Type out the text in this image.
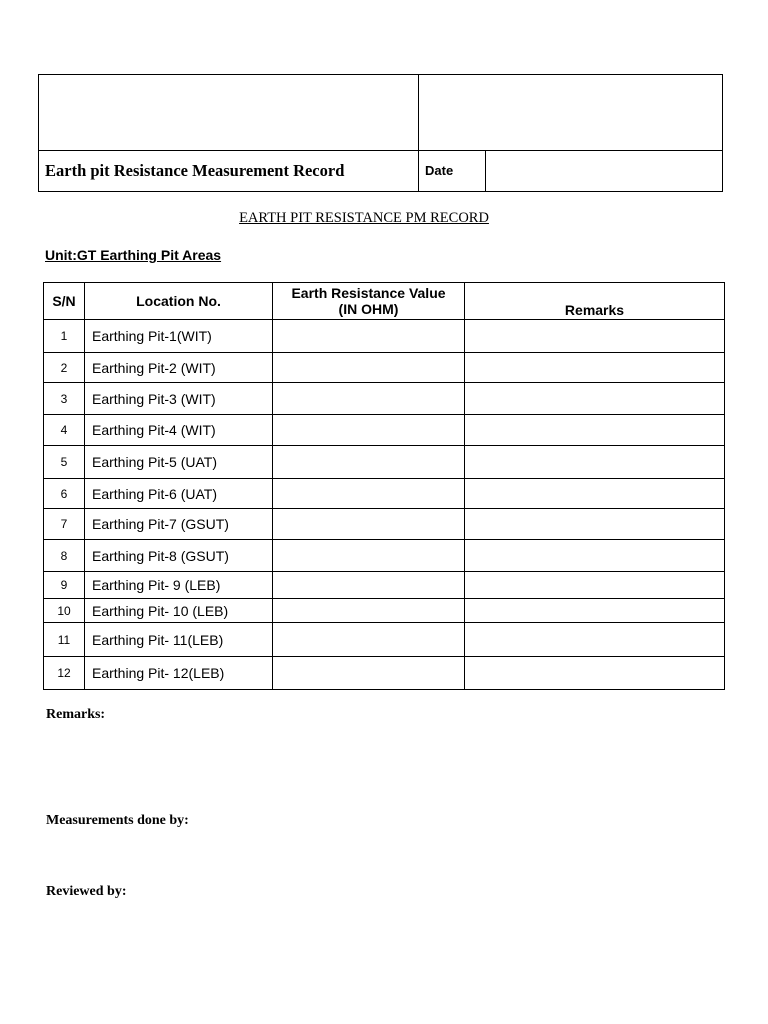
Earth pit Resistance Measurement Record	Date
EARTH PIT RESISTANCE PM RECORD
Unit:GT Earthing Pit Areas
S/N	Location No.	Earth Resistance Value
(IN OHM)	Remarks
1	Earthing Pit-1(WIT)		
2	Earthing Pit-2 (WIT)		
3	Earthing Pit-3 (WIT)		
4	Earthing Pit-4 (WIT)		
5	Earthing Pit-5 (UAT)		
6	Earthing Pit-6 (UAT)		
7	Earthing Pit-7 (GSUT)		
8	Earthing Pit-8 (GSUT)		
9	Earthing Pit- 9 (LEB)		
10	Earthing Pit- 10 (LEB)		
11	Earthing Pit- 11(LEB)		
12	Earthing Pit- 12(LEB)		
Remarks:
Measurements done by:
Reviewed by:
